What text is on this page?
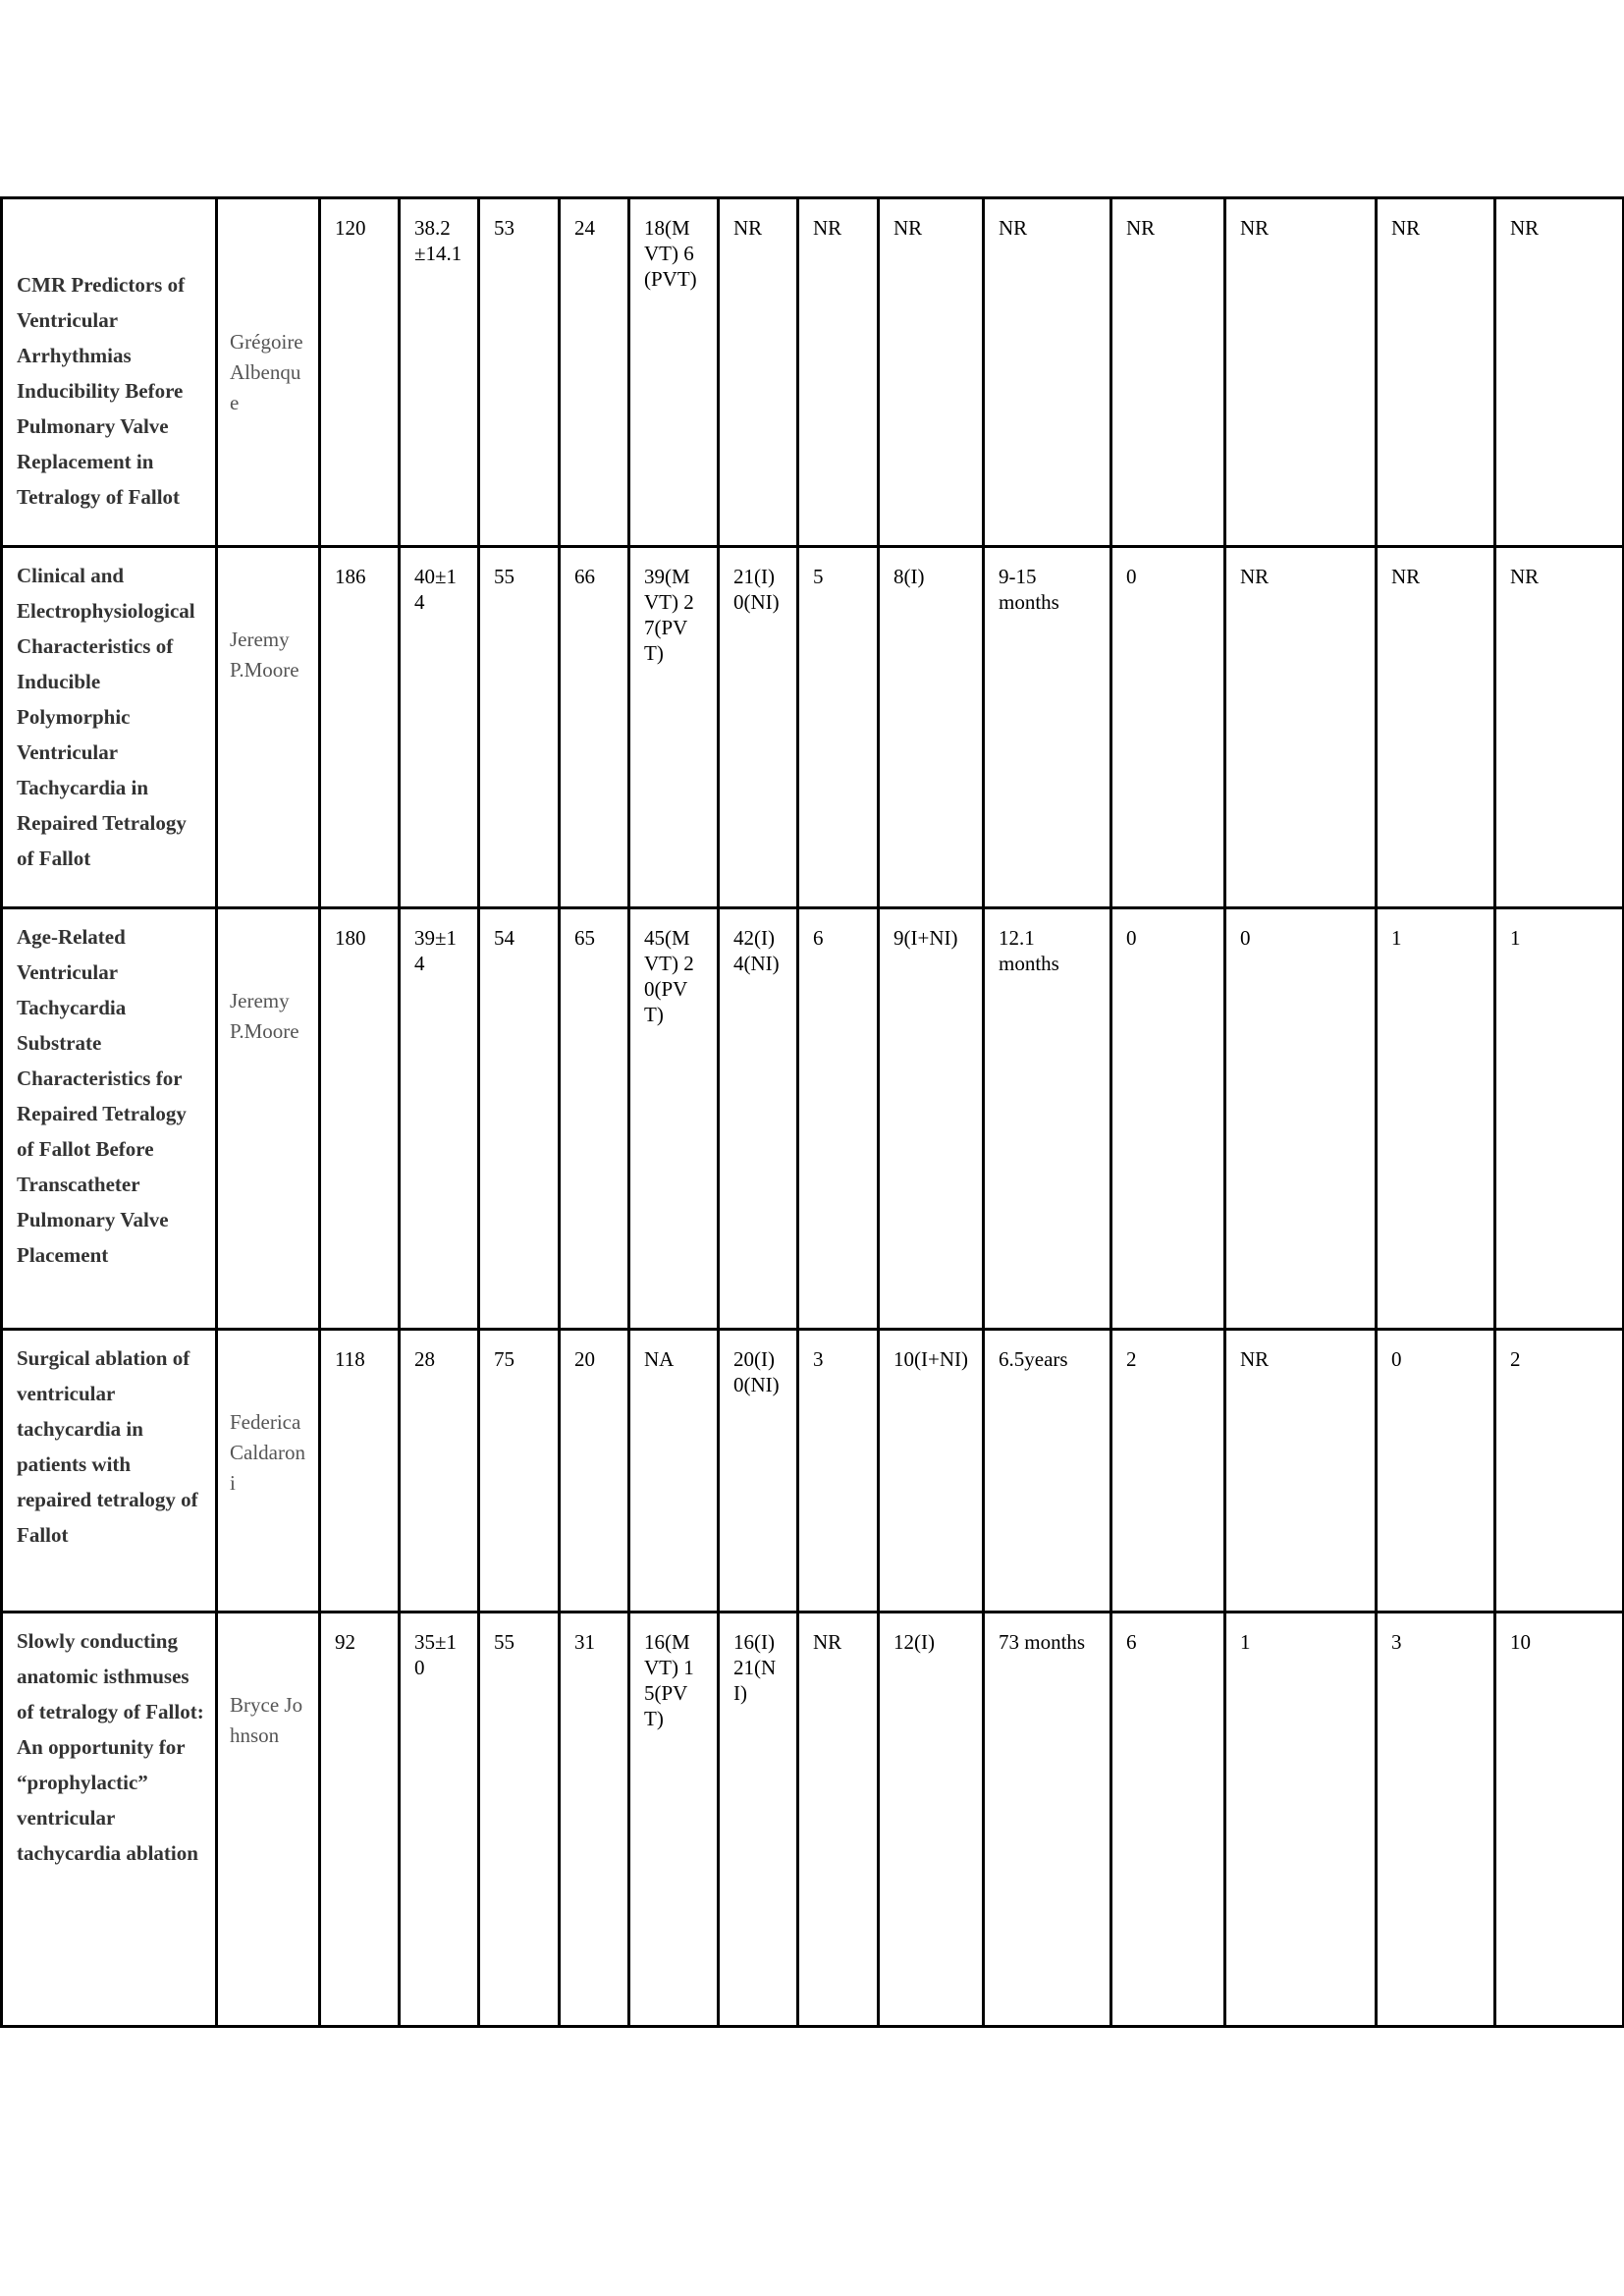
CMR Predictors of Ventricular Arrhythmias Inducibility Before Pulmonary Valve Replacement in Tetralogy of Fallot	Grégoire Albenque	120	38.2±14.1	53	24	18(MVT) 6(PVT)	NR	NR	NR	NR	NR	NR	NR	NR

Clinical and Electrophysiological Characteristics of Inducible Polymorphic Ventricular Tachycardia in Repaired Tetralogy of Fallot	Jeremy P.Moore	186	40±14	55	66	39(MVT) 27(PVT)	21(I) 0(NI)	5	8(I)	9-15 months	0	NR	NR	NR

Age-Related Ventricular Tachycardia Substrate Characteristics for Repaired Tetralogy of Fallot Before Transcatheter Pulmonary Valve Placement	Jeremy P.Moore	180	39±14	54	65	45(MVT) 20(PVT)	42(I) 4(NI)	6	9(I+NI)	12.1 months	0	0	1	1

Surgical ablation of ventricular tachycardia in patients with repaired tetralogy of Fallot	Federica Caldaroni	118	28	75	20	NA	20(I) 0(NI)	3	10(I+NI)	6.5years	2	NR	0	2

Slowly conducting anatomic isthmuses of tetralogy of Fallot: An opportunity for “prophylactic” ventricular tachycardia ablation	Bryce Johnson	92	35±10	55	31	16(MVT) 15(PVT)	16(I) 21(NI)	NR	12(I)	73 months	6	1	3	10
